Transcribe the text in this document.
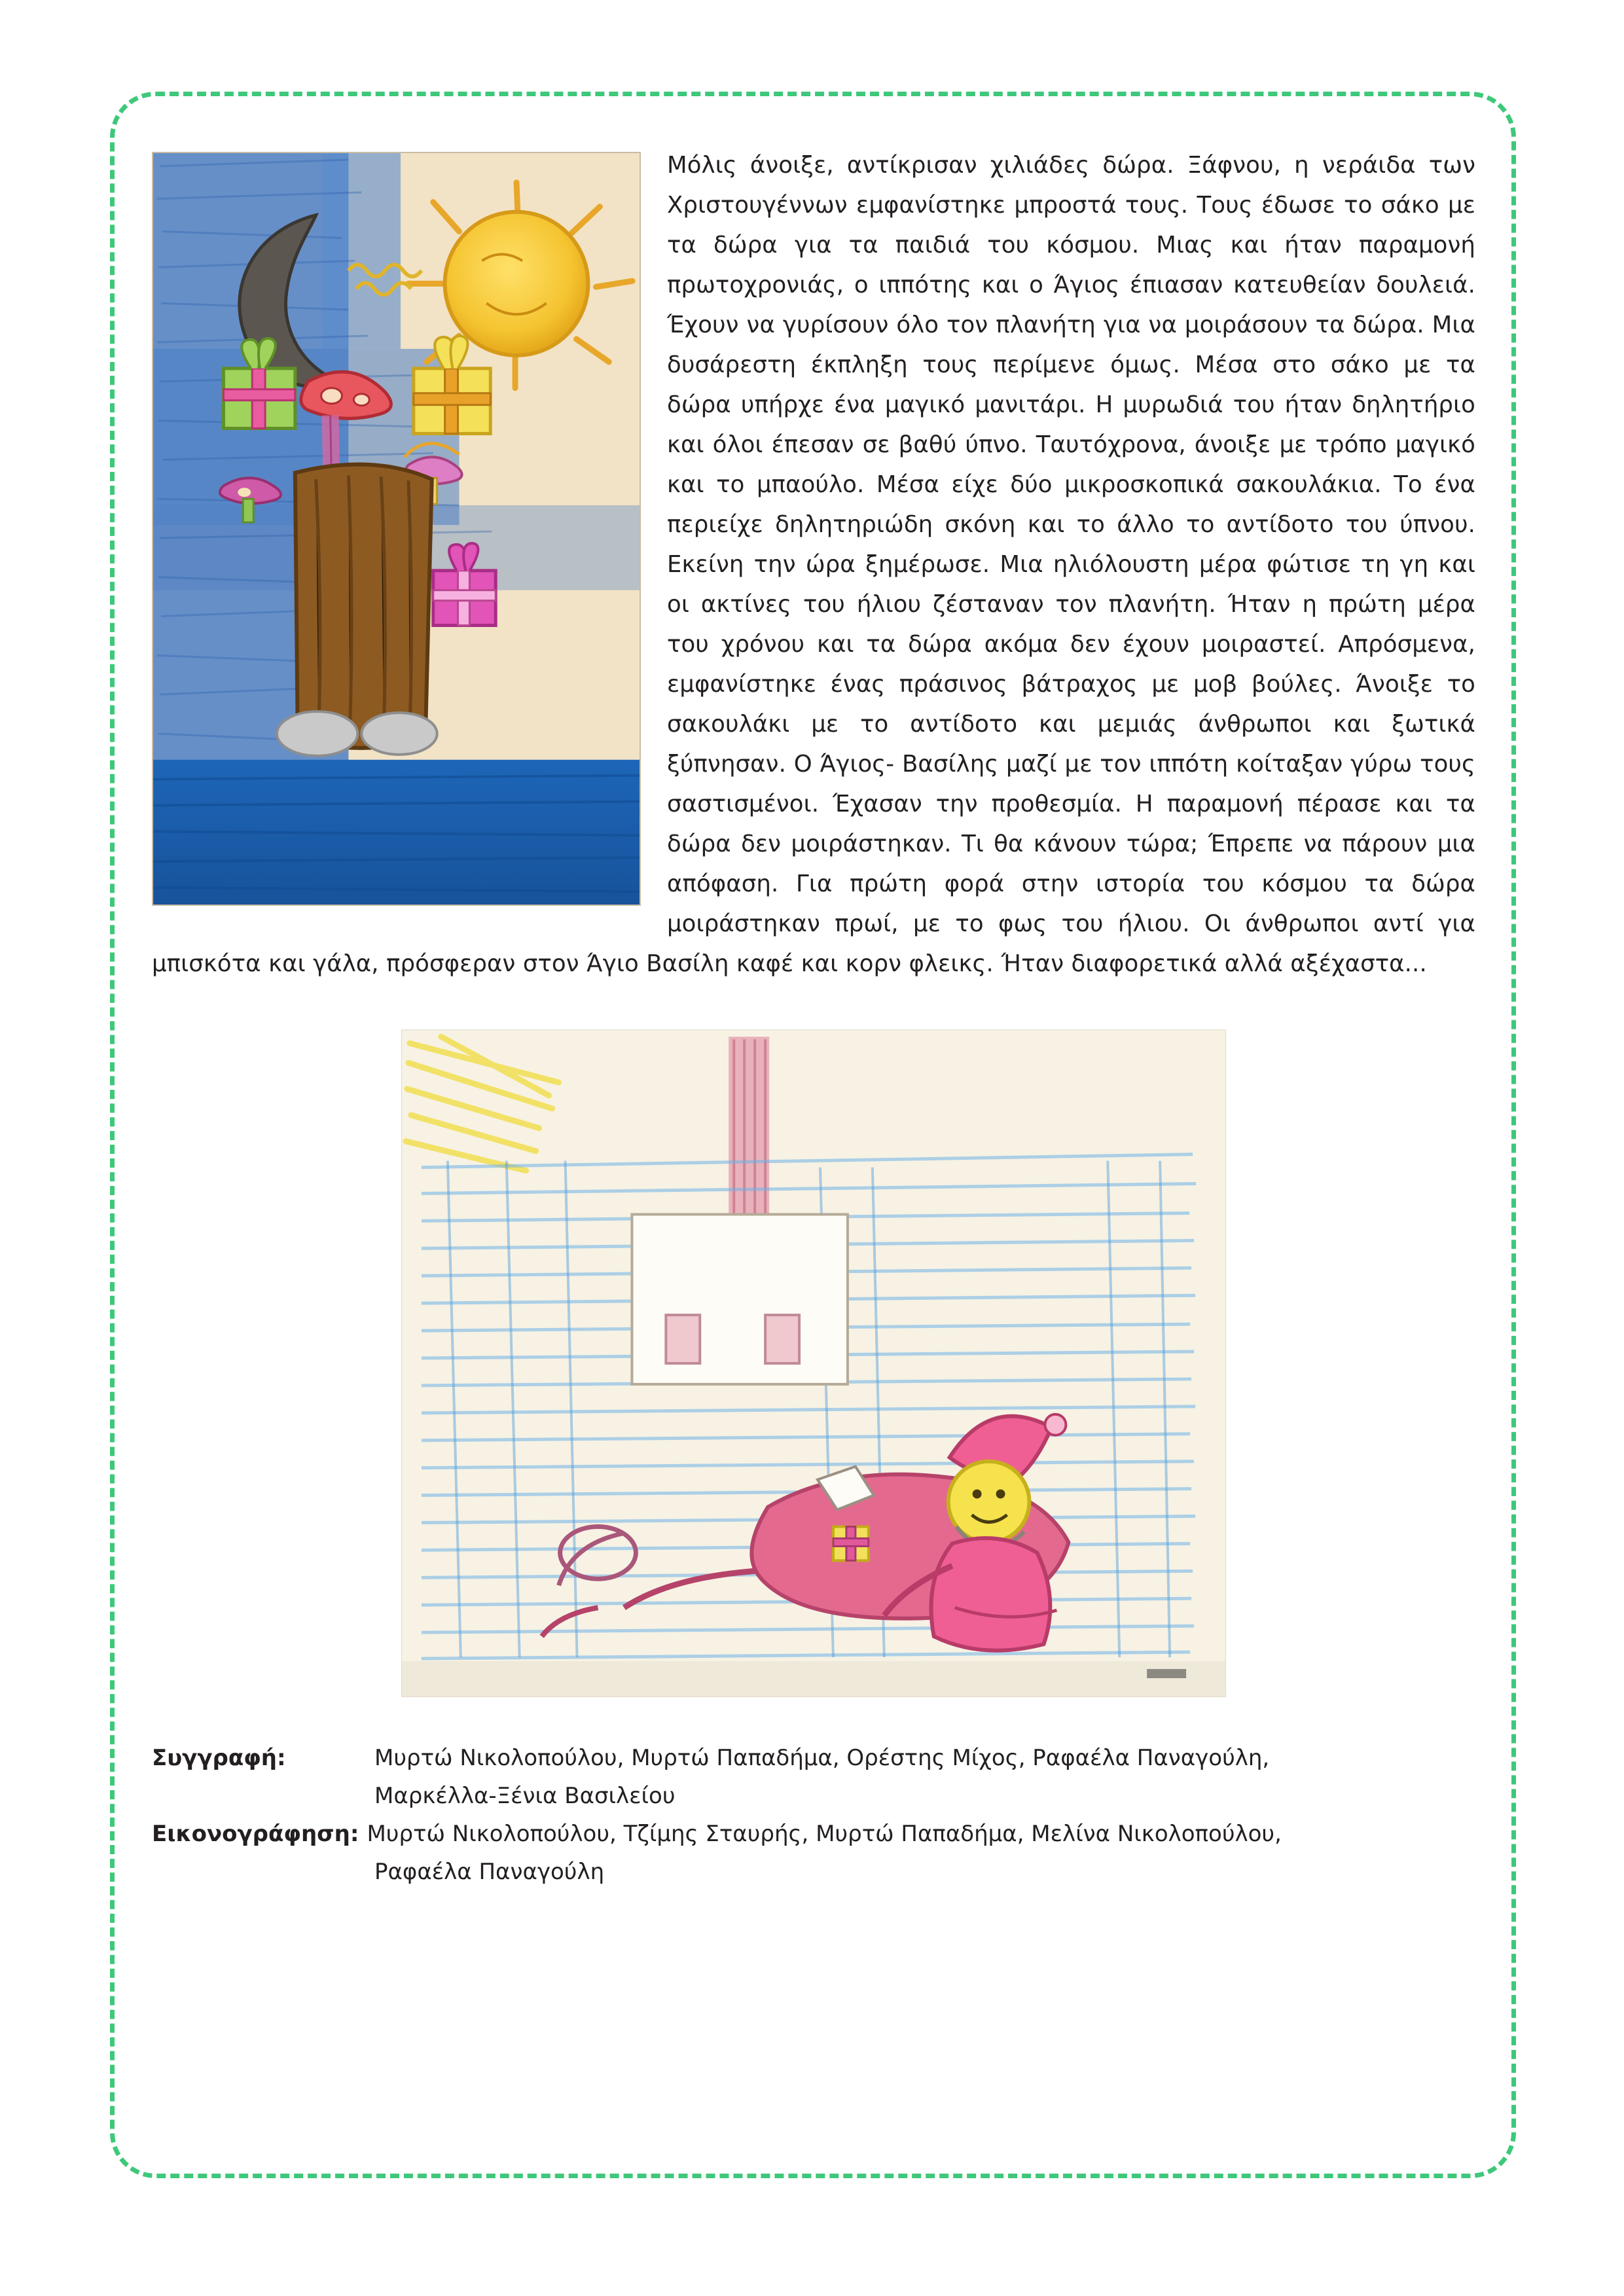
Μόλις άνοιξε, αντίκρισαν χιλιάδες δώρα. Ξάφνου, η νεράιδα των Χριστουγέννων εμφανίστηκε μπροστά τους. Τους έδωσε το σάκο με τα δώρα για τα παιδιά του κόσμου. Μιας και ήταν παραμονή πρωτοχρονιάς, ο ιππότης και ο Άγιος έπιασαν κατευθείαν δουλειά. Έχουν να γυρίσουν όλο τον πλανήτη για να μοιράσουν τα δώρα. Μια δυσάρεστη έκπληξη τους περίμενε όμως. Μέσα στο σάκο με τα δώρα υπήρχε ένα μαγικό μανιτάρι. Η μυρωδιά του ήταν δηλητήριο και όλοι έπεσαν σε βαθύ ύπνο. Ταυτόχρονα, άνοιξε με τρόπο μαγικό και το μπαούλο. Μέσα είχε δύο μικροσκοπικά σακουλάκια. Το ένα περιείχε δηλητηριώδη σκόνη και το άλλο το αντίδοτο του ύπνου. Εκείνη την ώρα ξημέρωσε. Μια ηλιόλουστη μέρα φώτισε τη γη και οι ακτίνες του ήλιου ζέσταναν τον πλανήτη. Ήταν η πρώτη μέρα του χρόνου και τα δώρα ακόμα δεν έχουν μοιραστεί. Απρόσμενα, εμφανίστηκε ένας πράσινος βάτραχος με μοβ βούλες. Άνοιξε το σακουλάκι με το αντίδοτο και μεμιάς άνθρωποι και ξωτικά ξύπνησαν. Ο Άγιος- Βασίλης μαζί με τον ιππότη κοίταξαν γύρω τους σαστισμένοι. Έχασαν την προθεσμία. Η παραμονή πέρασε και τα δώρα δεν μοιράστηκαν. Τι θα κάνουν τώρα; Έπρεπε να πάρουν μια απόφαση. Για πρώτη φορά στην ιστορία του κόσμου τα δώρα μοιράστηκαν πρωί, με το φως του ήλιου. Οι άνθρωποι αντί για μπισκότα και γάλα, πρόσφεραν στον Άγιο Βασίλη καφέ και κορν φλεικς. Ήταν διαφορετικά αλλά αξέχαστα...

Συγγραφή:	Μυρτώ Νικολοπούλου, Μυρτώ Παπαδήμα, Ορέστης Μίχος, Ραφαέλα Παναγούλη,
Μαρκέλλα-Ξένια Βασιλείου
Εικονογράφηση: Μυρτώ Νικολοπούλου, Τζίμης Σταυρής, Μυρτώ Παπαδήμα, Μελίνα Νικολοπούλου,
Ραφαέλα Παναγούλη
